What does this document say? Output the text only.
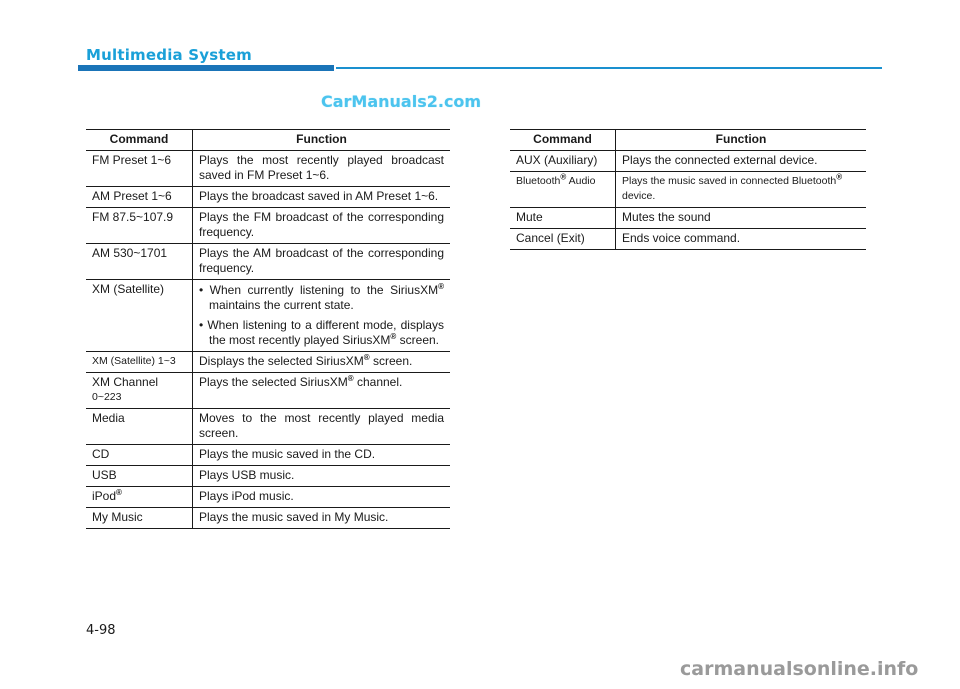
Multimedia System
CarManuals2.com
Command	Function
FM Preset 1~6	Plays the most recently played broadcast saved in FM Preset 1~6.
AM Preset 1~6	Plays the broadcast saved in AM Preset 1~6.
FM 87.5~107.9	Plays the FM broadcast of the corresponding frequency.
AM 530~1701	Plays the AM broadcast of the corresponding frequency.
XM (Satellite)	• When currently listening to the SiriusXM® maintains the current state.
• When listening to a different mode, displays the most recently played SiriusXM® screen.

XM (Satellite) 1~3	Displays the selected SiriusXM® screen.
XM Channel
0~223	Plays the selected SiriusXM® channel.
Media	Moves to the most recently played media screen.
CD	Plays the music saved in the CD.
USB	Plays USB music.
iPod®	Plays iPod music.
My Music	Plays the music saved in My Music.
Command	Function
AUX (Auxiliary)	Plays the connected external device.
Bluetooth® Audio	Plays the music saved in connected Bluetooth®
device.
Mute	Mutes the sound
Cancel (Exit)	Ends voice command.
4-98
carmanualsonline.info
